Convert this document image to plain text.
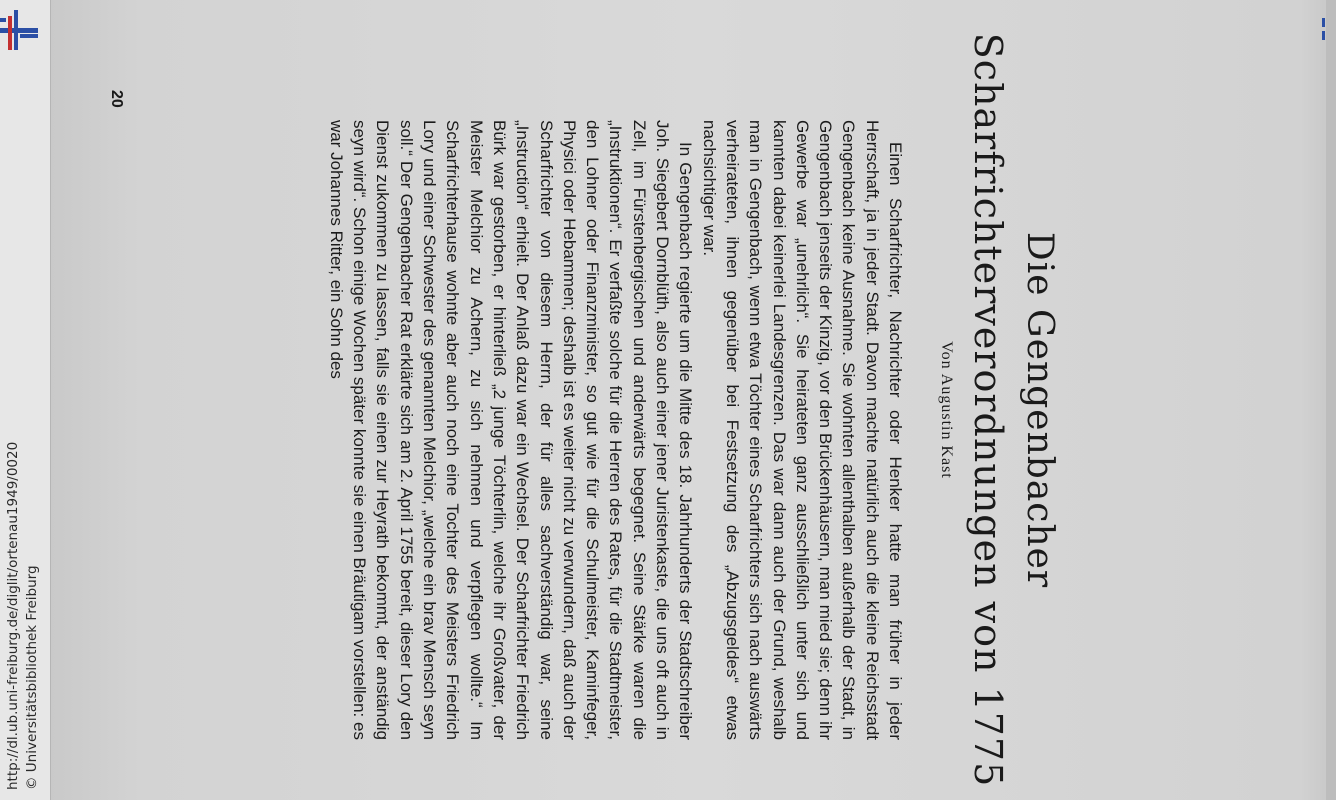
http://dl.ub.uni-freiburg.de/diglit/ortenau1949/0020 © Universitätsbibliothek Freiburg
Die Gengenbacher
Scharfrichterverordnungen von 1775
Von Augustin Kast

Einen Scharfrichter, Nachrichter oder Henker hatte man früher in jeder Herrschaft, ja in jeder Stadt. Davon machte natürlich auch die kleine Reichsstadt Gengenbach keine Ausnahme. Sie wohnten allenthalben außerhalb der Stadt, in Gengenbach jenseits der Kinzig, vor den Brückenhäusern, man mied sie; denn ihr Gewerbe war „unehrlich“. Sie heirateten ganz ausschließlich unter sich und kannten dabei keinerlei Landesgrenzen. Das war dann auch der Grund, weshalb man in Gengenbach, wenn etwa Töchter eines Scharfrichters sich nach auswärts verheirateten, ihnen gegenüber bei Festsetzung des „Abzugsgeldes“ etwas nachsichtiger war.

In Gengenbach regierte um die Mitte des 18. Jahrhunderts der Stadtschreiber Joh. Siegebert Dornblüth, also auch einer jener Juristenkaste, die uns oft auch in Zell, im Fürstenbergischen und anderwärts begegnet. Seine Stärke waren die „Instruktionen“. Er verfaßte solche für die Herren des Rates, für die Stadtmeister, den Lohner oder Finanzminister, so gut wie für die Schulmeister, Kaminfeger, Physici oder Hebammen; deshalb ist es weiter nicht zu verwundern, daß auch der Scharfrichter von diesem Herrn, der für alles sachverständig war, seine „Instruction“ erhielt. Der Anlaß dazu war ein Wechsel. Der Scharfrichter Friedrich Bürk war gestorben, er hinterließ „2 junge Töchterlin, welche ihr Großvater, der Meister Melchior zu Achern, zu sich nehmen und verpflegen wollte.“ Im Scharfrichterhause wohnte aber auch noch eine Tochter des Meisters Friedrich Lory und einer Schwester des genannten Melchior, „welche ein brav Mensch seyn soll.“ Der Gengenbacher Rat erklärte sich am 2. April 1755 bereit, dieser Lory den Dienst zukommen zu lassen, falls sie einen zur Heyrath bekommt, der anständig seyn wird“. Schon einige Wochen später konnte sie einen Bräutigam vorstellen: es war Johannes Ritter, ein Sohn des

20
